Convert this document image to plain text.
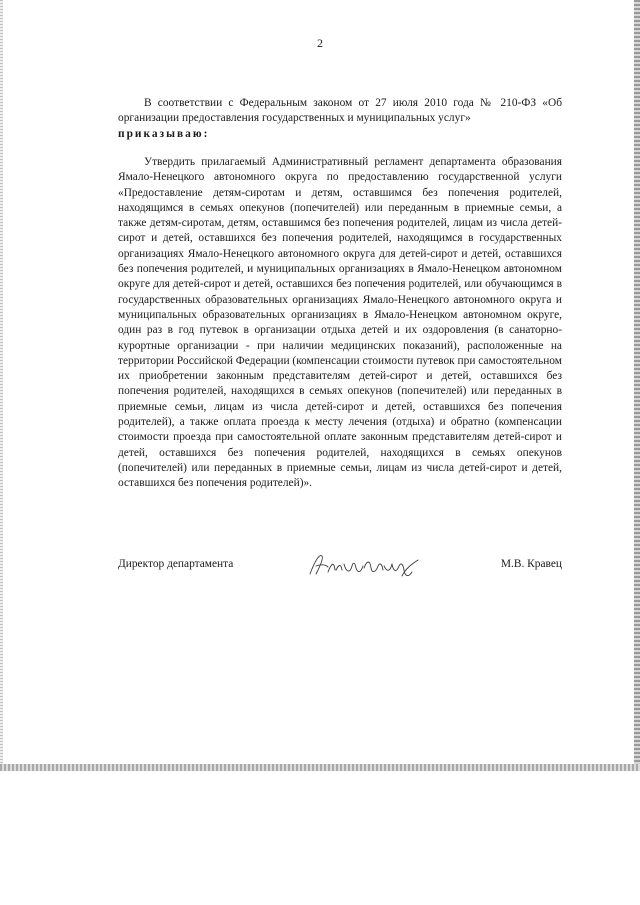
2

В соответствии с Федеральным законом от 27 июля 2010 года № 210-ФЗ «Об организации предоставления государственных и муниципальных услуг»

приказываю:

Утвердить прилагаемый Административный регламент департамента образования Ямало-Ненецкого автономного округа по предоставлению государственной услуги «Предоставление детям-сиротам и детям, оставшимся без попечения родителей, находящимся в семьях опекунов (попечителей) или переданным в приемные семьи, а также детям-сиротам, детям, оставшимся без попечения родителей, лицам из числа детей-сирот и детей, оставшихся без попечения родителей, находящимся в государственных организациях Ямало-Ненецкого автономного округа для детей-сирот и детей, оставшихся без попечения родителей, и муниципальных организациях в Ямало-Ненецком автономном округе для детей-сирот и детей, оставшихся без попечения родителей, или обучающимся в государственных образовательных организациях Ямало-Ненецкого автономного округа и муниципальных образовательных организациях в Ямало-Ненецком автономном округе, один раз в год путевок в организации отдыха детей и их оздоровления (в санаторно-курортные организации - при наличии медицинских показаний), расположенные на территории Российской Федерации (компенсации стоимости путевок при самостоятельном их приобретении законным представителям детей-сирот и детей, оставшихся без попечения родителей, находящихся в семьях опекунов (попечителей) или переданных в приемные семьи, лицам из числа детей-сирот и детей, оставшихся без попечения родителей), а также оплата проезда к месту лечения (отдыха) и обратно (компенсации стоимости проезда при самостоятельной оплате законным представителям детей-сирот и детей, оставшихся без попечения родителей, находящихся в семьях опекунов (попечителей) или переданных в приемные семьи, лицам из числа детей-сирот и детей, оставшихся без попечения родителей)».

Директор департамента	М.В. Кравец
